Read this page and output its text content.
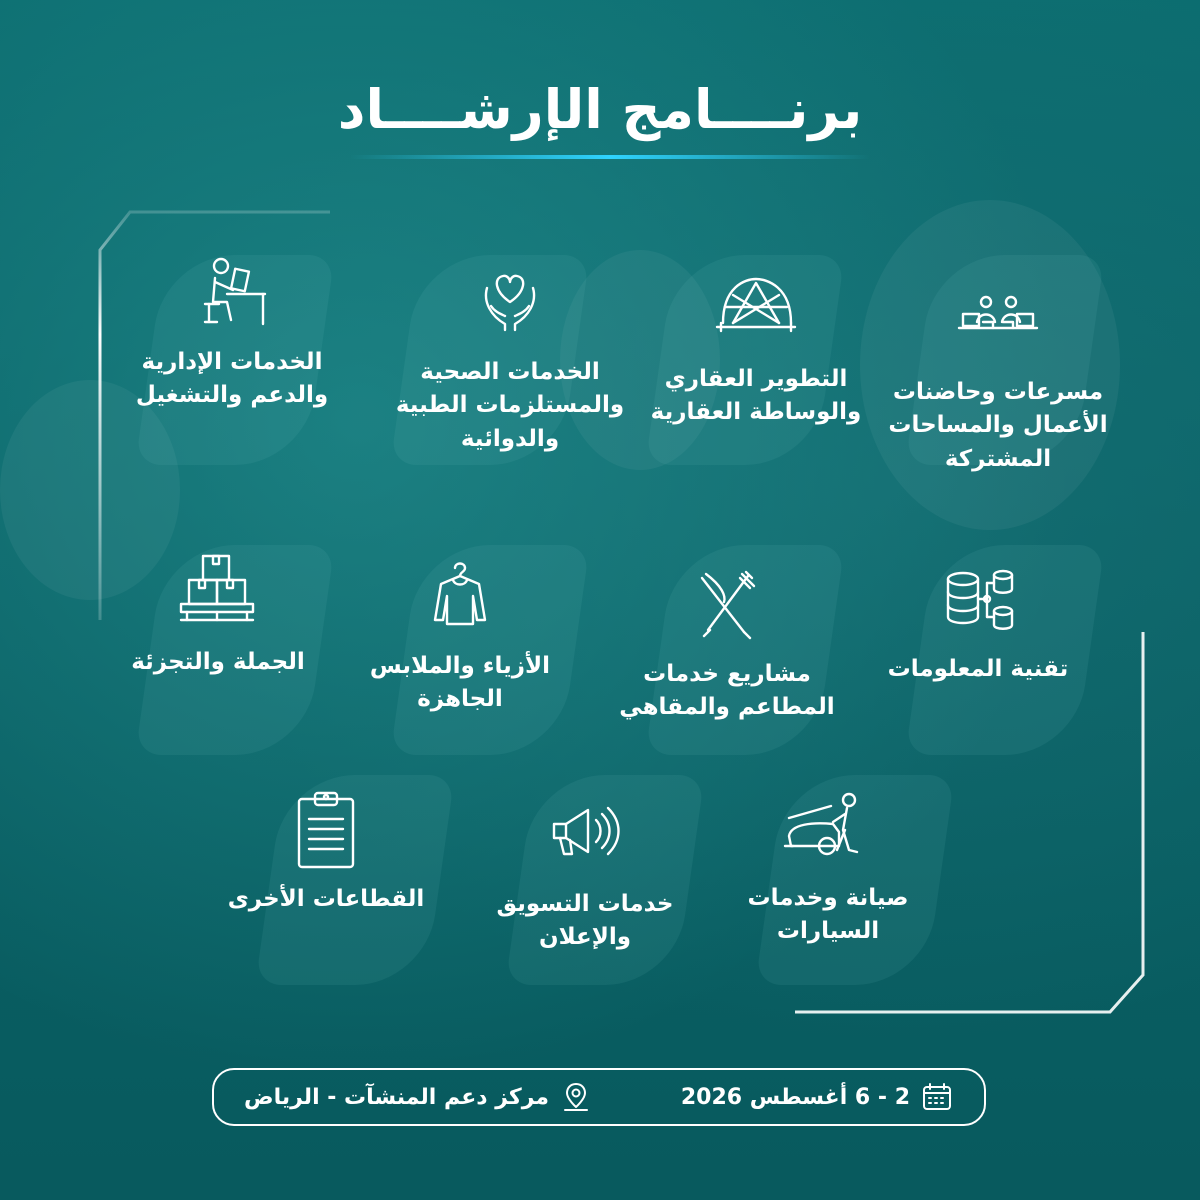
برنــــامج الإرشــــاد
مسرعات وحاضنات
الأعمال والمساحات
المشتركة
التطوير العقاري
والوساطة العقارية
الخدمات الصحية
والمستلزمات الطبية
والدوائية
الخدمات الإدارية
والدعم والتشغيل
تقنية المعلومات
مشاريع خدمات
المطاعم والمقاهي
الأزياء والملابس
الجاهزة
الجملة والتجزئة
صيانة وخدمات
السيارات
خدمات التسويق
والإعلان
القطاعات الأخرى
2 - 6 أغسطس 2026
مركز دعم المنشآت - الرياض
